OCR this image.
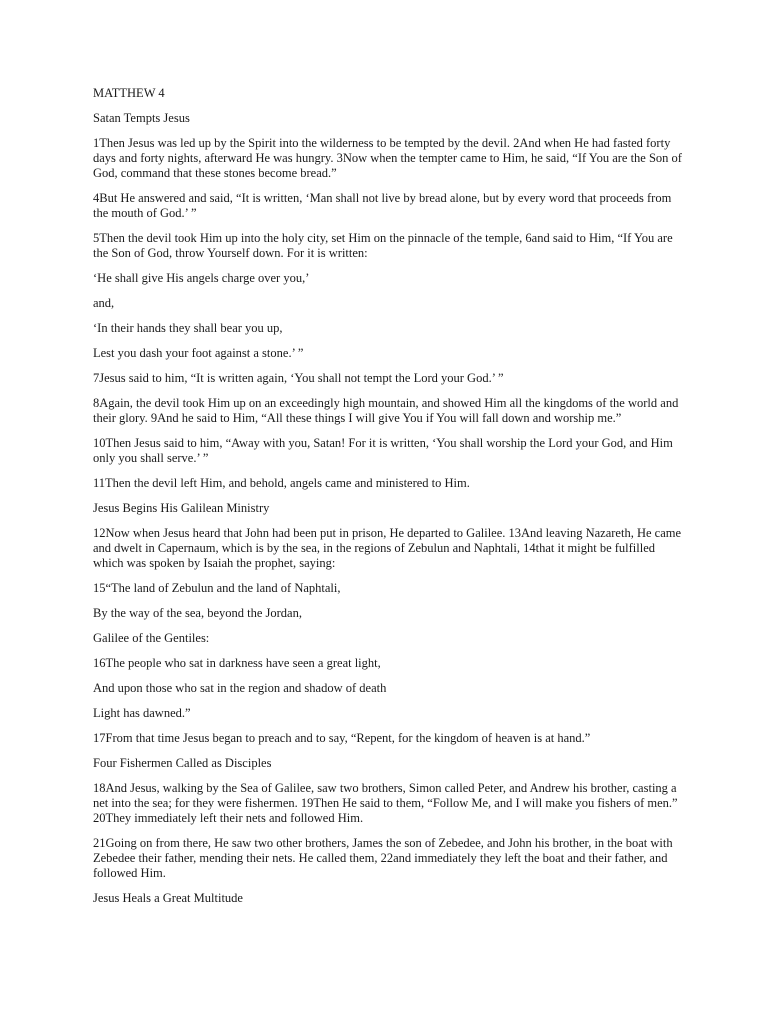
MATTHEW 4

Satan Tempts Jesus

1Then Jesus was led up by the Spirit into the wilderness to be tempted by the devil. 2And when He had fasted forty days and forty nights, afterward He was hungry. 3Now when the tempter came to Him, he said, “If You are the Son of God, command that these stones become bread.”

4But He answered and said, “It is written, ‘Man shall not live by bread alone, but by every word that proceeds from the mouth of God.’ ”

5Then the devil took Him up into the holy city, set Him on the pinnacle of the temple, 6and said to Him, “If You are the Son of God, throw Yourself down. For it is written:

‘He shall give His angels charge over you,’

and,

‘In their hands they shall bear you up,

Lest you dash your foot against a stone.’ ”

7Jesus said to him, “It is written again, ‘You shall not tempt the Lord your God.’ ”

8Again, the devil took Him up on an exceedingly high mountain, and showed Him all the kingdoms of the world and their glory. 9And he said to Him, “All these things I will give You if You will fall down and worship me.”

10Then Jesus said to him, “Away with you, Satan! For it is written, ‘You shall worship the Lord your God, and Him only you shall serve.’ ”

11Then the devil left Him, and behold, angels came and ministered to Him.

Jesus Begins His Galilean Ministry

12Now when Jesus heard that John had been put in prison, He departed to Galilee. 13And leaving Nazareth, He came and dwelt in Capernaum, which is by the sea, in the regions of Zebulun and Naphtali, 14that it might be fulfilled which was spoken by Isaiah the prophet, saying:

15“The land of Zebulun and the land of Naphtali,

By the way of the sea, beyond the Jordan,

Galilee of the Gentiles:

16The people who sat in darkness have seen a great light,

And upon those who sat in the region and shadow of death

Light has dawned.”

17From that time Jesus began to preach and to say, “Repent, for the kingdom of heaven is at hand.”

Four Fishermen Called as Disciples

18And Jesus, walking by the Sea of Galilee, saw two brothers, Simon called Peter, and Andrew his brother, casting a net into the sea; for they were fishermen. 19Then He said to them, “Follow Me, and I will make you fishers of men.” 20They immediately left their nets and followed Him.

21Going on from there, He saw two other brothers, James the son of Zebedee, and John his brother, in the boat with Zebedee their father, mending their nets. He called them, 22and immediately they left the boat and their father, and followed Him.

Jesus Heals a Great Multitude
